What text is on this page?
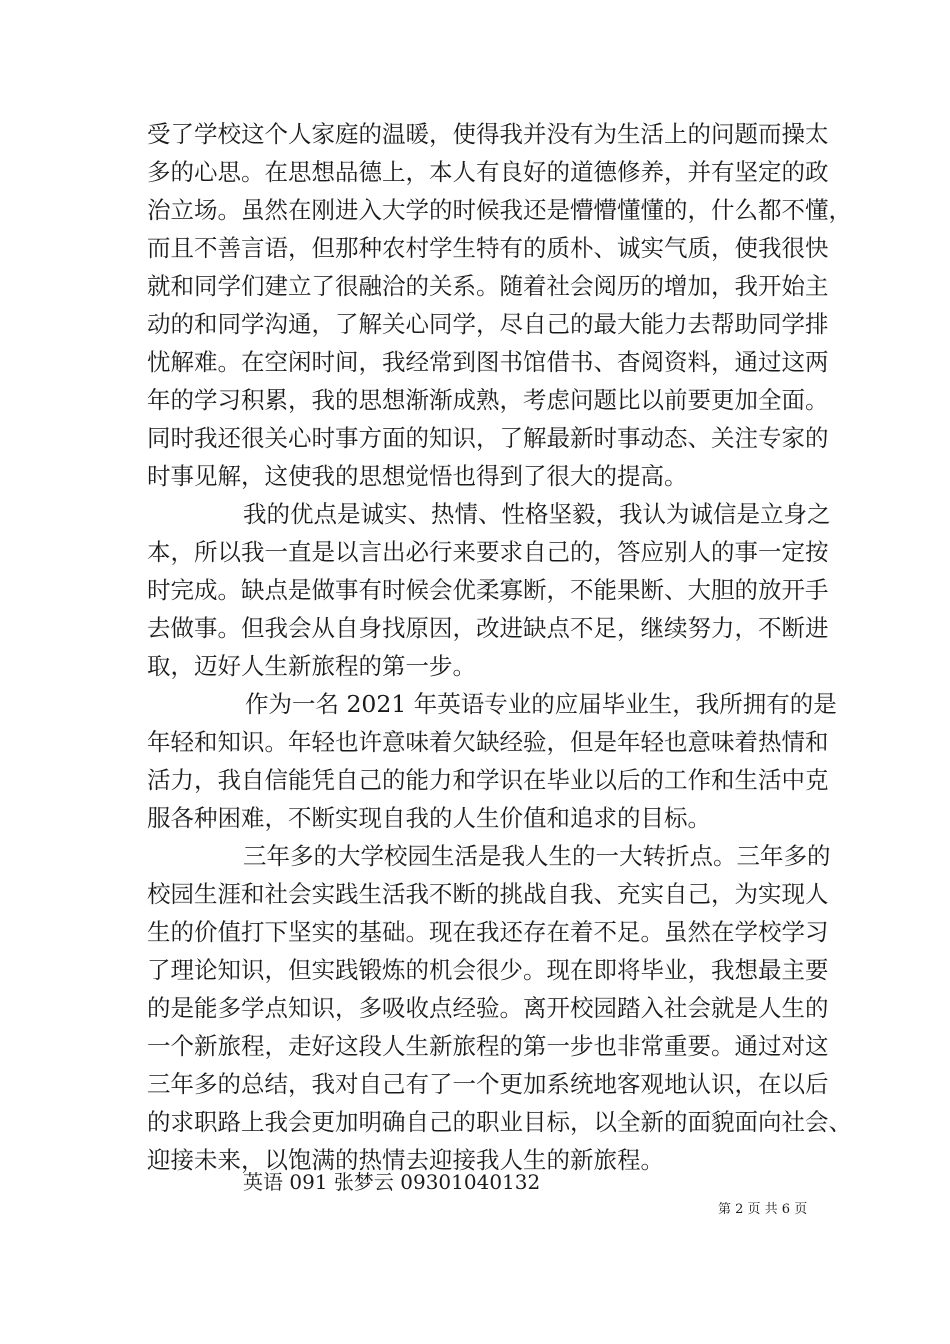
受了学校这个人家庭的温暖，使得我并没有为生活上的问题而操太
多的心思。在思想品德上，本人有良好的道德修养，并有坚定的政
治立场。虽然在刚进入大学的时候我还是懵懵懂懂的，什么都不懂，
而且不善言语，但那种农村学生特有的质朴、诚实气质，使我很快
就和同学们建立了很融洽的关系。随着社会阅历的增加，我开始主
动的和同学沟通，了解关心同学，尽自己的最大能力去帮助同学排
忧解难。在空闲时间，我经常到图书馆借书、杳阅资料，通过这两
年的学习积累，我的思想渐渐成熟，考虑问题比以前要更加全面。
同时我还很关心时事方面的知识，了解最新时事动态、关注专家的
时事见解，这使我的思想觉悟也得到了很大的提高。
我的优点是诚实、热情、性格坚毅，我认为诚信是立身之
本，所以我一直是以言出必行来要求自己的，答应别人的事一定按
时完成。缺点是做事有时候会优柔寡断，不能果断、大胆的放开手
去做事。但我会从自身找原因，改进缺点不足，继续努力，不断进
取，迈好人生新旅程的第一步。
作为一名 2021 年英语专业的应届毕业生，我所拥有的是
年轻和知识。年轻也许意味着欠缺经验，但是年轻也意味着热情和
活力，我自信能凭自己的能力和学识在毕业以后的工作和生活中克
服各种困难，不断实现自我的人生价值和追求的目标。
三年多的大学校园生活是我人生的一大转折点。三年多的
校园生涯和社会实践生活我不断的挑战自我、充实自己，为实现人
生的价值打下坚实的基础。现在我还存在着不足。虽然在学校学习
了理论知识，但实践锻炼的机会很少。现在即将毕业，我想最主要
的是能多学点知识，多吸收点经验。离开校园踏入社会就是人生的
一个新旅程，走好这段人生新旅程的第一步也非常重要。通过对这
三年多的总结，我对自己有了一个更加系统地客观地认识，在以后
的求职路上我会更加明确自己的职业目标，以全新的面貌面向社会、
迎接未来，以饱满的热情去迎接我人生的新旅程。
英语 091 张梦云 09301040132
第 2 页 共 6 页
